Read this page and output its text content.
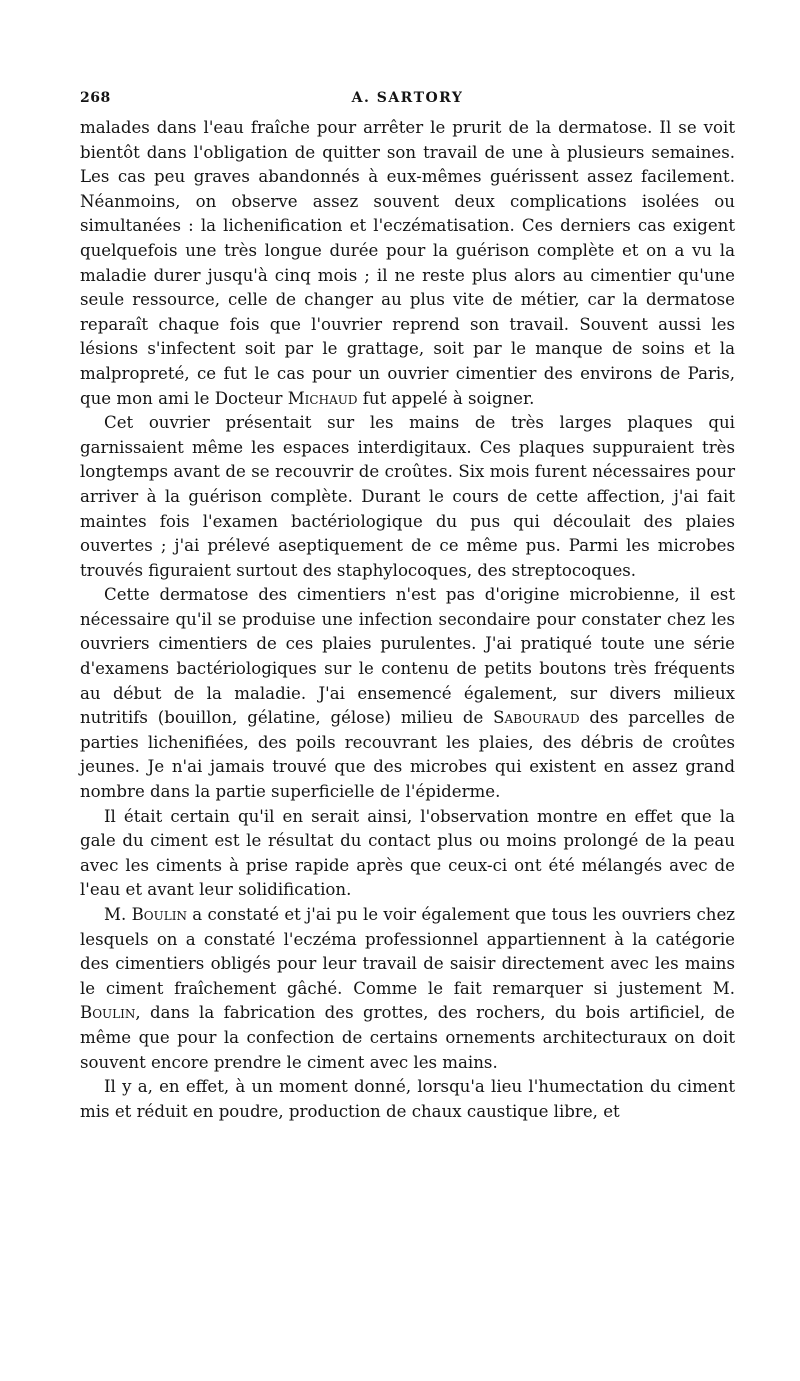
268	A. SARTORY

malades dans l'eau fraîche pour arrêter le prurit de la dermatose. Il se voit bientôt dans l'obligation de quitter son travail de une à plusieurs semaines. Les cas peu graves abandonnés à eux-mêmes guérissent assez facilement. Néanmoins, on observe assez souvent deux complications isolées ou simultanées : la lichenification et l'eczématisation. Ces derniers cas exigent quelquefois une très longue durée pour la guérison complète et on a vu la maladie durer jusqu'à cinq mois ; il ne reste plus alors au cimentier qu'une seule ressource, celle de changer au plus vite de métier, car la dermatose reparaît chaque fois que l'ouvrier reprend son travail. Souvent aussi les lésions s'infectent soit par le grattage, soit par le manque de soins et la malpropreté, ce fut le cas pour un ouvrier cimentier des environs de Paris, que mon ami le Docteur Michaud fut appelé à soigner.

Cet ouvrier présentait sur les mains de très larges plaques qui garnissaient même les espaces interdigitaux. Ces plaques suppuraient très longtemps avant de se recouvrir de croûtes. Six mois furent nécessaires pour arriver à la guérison complète. Durant le cours de cette affection, j'ai fait maintes fois l'examen bactériologique du pus qui découlait des plaies ouvertes ; j'ai prélevé aseptiquement de ce même pus. Parmi les microbes trouvés figuraient surtout des staphylocoques, des streptocoques.

Cette dermatose des cimentiers n'est pas d'origine microbienne, il est nécessaire qu'il se produise une infection secondaire pour constater chez les ouvriers cimentiers de ces plaies purulentes. J'ai pratiqué toute une série d'examens bactériologiques sur le contenu de petits boutons très fréquents au début de la maladie. J'ai ensemencé également, sur divers milieux nutritifs (bouillon, gélatine, gélose) milieu de Sabouraud des parcelles de parties lichenifiées, des poils recouvrant les plaies, des débris de croûtes jeunes. Je n'ai jamais trouvé que des microbes qui existent en assez grand nombre dans la partie superficielle de l'épiderme.

Il était certain qu'il en serait ainsi, l'observation montre en effet que la gale du ciment est le résultat du contact plus ou moins prolongé de la peau avec les ciments à prise rapide après que ceux-ci ont été mélangés avec de l'eau et avant leur solidification.

M. Boulin a constaté et j'ai pu le voir également que tous les ouvriers chez lesquels on a constaté l'eczéma professionnel appartiennent à la catégorie des cimentiers obligés pour leur travail de saisir directement avec les mains le ciment fraîchement gâché. Comme le fait remarquer si justement M. Boulin, dans la fabrication des grottes, des rochers, du bois artificiel, de même que pour la confection de certains ornements architecturaux on doit souvent encore prendre le ciment avec les mains.

Il y a, en effet, à un moment donné, lorsqu'a lieu l'humectation du ciment mis et réduit en poudre, production de chaux caustique libre, et
